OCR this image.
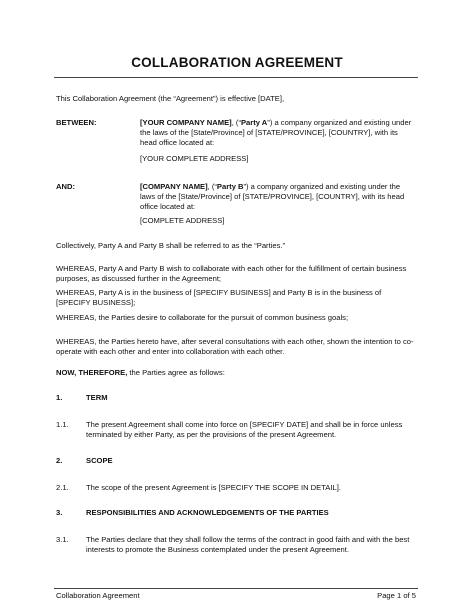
COLLABORATION AGREEMENT
This Collaboration Agreement (the “Agreement”) is effective [DATE],
BETWEEN:	[YOUR COMPANY NAME], (“Party A”) a company organized and existing under the laws of the [State/Province] of [STATE/PROVINCE], [COUNTRY], with its head office located at:
[YOUR COMPLETE ADDRESS]
AND:	[COMPANY NAME], (“Party B”) a company organized and existing under the laws of the [State/Province] of [STATE/PROVINCE], [COUNTRY], with its head office located at:
[COMPLETE ADDRESS]
Collectively, Party A and Party B shall be referred to as the “Parties.”
WHEREAS, Party A and Party B wish to collaborate with each other for the fulfillment of certain business purposes, as discussed further in the Agreement;
WHEREAS, Party A is in the business of [SPECIFY BUSINESS] and Party B is in the business of [SPECIFY BUSINESS];
WHEREAS, the Parties desire to collaborate for the pursuit of common business goals;
WHEREAS, the Parties hereto have, after several consultations with each other, shown the intention to co-operate with each other and enter into collaboration with each other.
NOW, THEREFORE, the Parties agree as follows:
1.	TERM
1.1. The present Agreement shall come into force on [SPECIFY DATE] and shall be in force unless terminated by either Party, as per the provisions of the present Agreement.
2.	SCOPE
2.1. The scope of the present Agreement is [SPECIFY THE SCOPE IN DETAIL].
3.	RESPONSIBILITIES AND ACKNOWLEDGEMENTS OF THE PARTIES
3.1. The Parties declare that they shall follow the terms of the contract in good faith and with the best interests to promote the Business contemplated under the present Agreement.
Collaboration Agreement	Page 1 of 5
